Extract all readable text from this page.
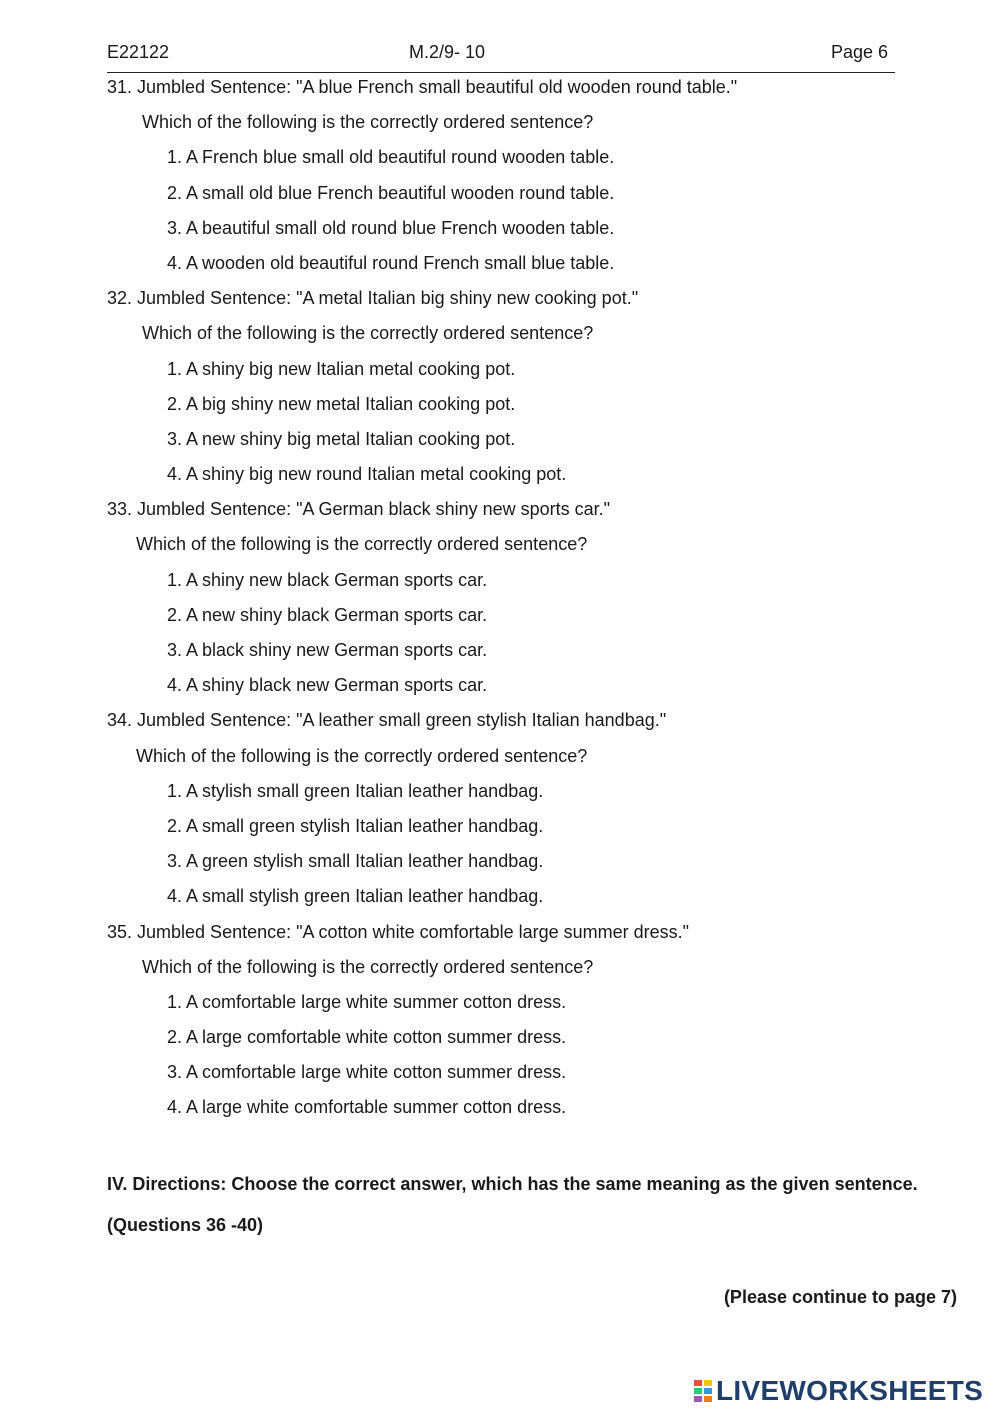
E22122	M.2/9- 10	Page 6
31. Jumbled Sentence: "A blue French small beautiful old wooden round table."
Which of the following is the correctly ordered sentence?
1. A French blue small old beautiful round wooden table.
2. A small old blue French beautiful wooden round table.
3. A beautiful small old round blue French wooden table.
4. A wooden old beautiful round French small blue table.
32. Jumbled Sentence: "A metal Italian big shiny new cooking pot."
Which of the following is the correctly ordered sentence?
1. A shiny big new Italian metal cooking pot.
2. A big shiny new metal Italian cooking pot.
3. A new shiny big metal Italian cooking pot.
4. A shiny big new round Italian metal cooking pot.
33. Jumbled Sentence: "A German black shiny new sports car."
Which of the following is the correctly ordered sentence?
1. A shiny new black German sports car.
2. A new shiny black German sports car.
3. A black shiny new German sports car.
4. A shiny black new German sports car.
34. Jumbled Sentence: "A leather small green stylish Italian handbag."
Which of the following is the correctly ordered sentence?
1. A stylish small green Italian leather handbag.
2. A small green stylish Italian leather handbag.
3. A green stylish small Italian leather handbag.
4. A small stylish green Italian leather handbag.
35. Jumbled Sentence: "A cotton white comfortable large summer dress."
Which of the following is the correctly ordered sentence?
1. A comfortable large white summer cotton dress.
2. A large comfortable white cotton summer dress.
3. A comfortable large white cotton summer dress.
4. A large white comfortable summer cotton dress.
IV. Directions: Choose the correct answer, which has the same meaning as the given sentence.
(Questions 36 -40)
(Please continue to page 7)
LIVEWORKSHEETS
